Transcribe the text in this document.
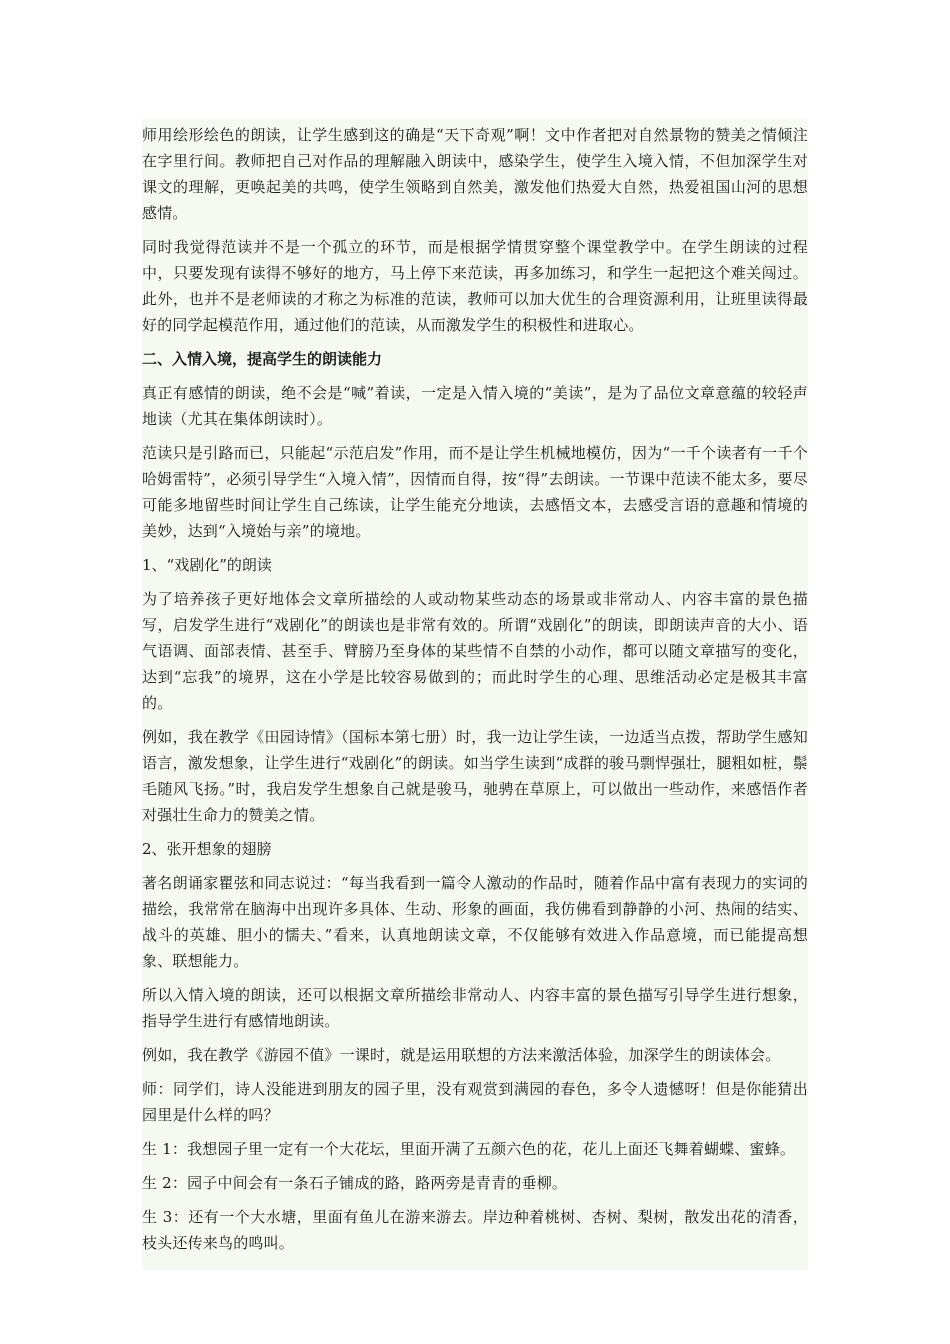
师用绘形绘色的朗读，让学生感到这的确是“天下奇观”啊！文中作者把对自然景物的赞美之情倾注在字里行间。教师把自己对作品的理解融入朗读中，感染学生，使学生入境入情，不但加深学生对课文的理解，更唤起美的共鸣，使学生领略到自然美，激发他们热爱大自然，热爱祖国山河的思想感情。

同时我觉得范读并不是一个孤立的环节，而是根据学情贯穿整个课堂教学中。在学生朗读的过程中，只要发现有读得不够好的地方，马上停下来范读，再多加练习，和学生一起把这个难关闯过。此外，也并不是老师读的才称之为标准的范读，教师可以加大优生的合理资源利用，让班里读得最好的同学起模范作用，通过他们的范读，从而激发学生的积极性和进取心。

二、入情入境，提高学生的朗读能力

真正有感情的朗读，绝不会是“喊”着读，一定是入情入境的“美读”，是为了品位文章意蕴的较轻声地读（尤其在集体朗读时）。

范读只是引路而已，只能起“示范启发”作用，而不是让学生机械地模仿，因为“一千个读者有一千个哈姆雷特”，必须引导学生“入境入情”，因情而自得，按“得”去朗读。一节课中范读不能太多，要尽可能多地留些时间让学生自己练读，让学生能充分地读，去感悟文本，去感受言语的意趣和情境的美妙，达到“入境始与亲”的境地。

1、“戏剧化”的朗读

为了培养孩子更好地体会文章所描绘的人或动物某些动态的场景或非常动人、内容丰富的景色描写，启发学生进行“戏剧化”的朗读也是非常有效的。所谓“戏剧化”的朗读，即朗读声音的大小、语气语调、面部表情、甚至手、臂膀乃至身体的某些情不自禁的小动作，都可以随文章描写的变化，达到“忘我”的境界，这在小学是比较容易做到的；而此时学生的心理、思维活动必定是极其丰富的。

例如，我在教学《田园诗情》（国标本第七册）时，我一边让学生读，一边适当点拨，帮助学生感知语言，激发想象，让学生进行“戏剧化”的朗读。如当学生读到“成群的骏马剽悍强壮，腿粗如桩，鬃毛随风飞扬。”时，我启发学生想象自己就是骏马，驰骋在草原上，可以做出一些动作，来感悟作者对强壮生命力的赞美之情。

2、张开想象的翅膀

著名朗诵家瞿弦和同志说过：“每当我看到一篇令人激动的作品时，随着作品中富有表现力的实词的描绘，我常常在脑海中出现许多具体、生动、形象的画面，我仿佛看到静静的小河、热闹的结实、战斗的英雄、胆小的懦夫、”看来，认真地朗读文章，不仅能够有效进入作品意境，而已能提高想象、联想能力。

所以入情入境的朗读，还可以根据文章所描绘非常动人、内容丰富的景色描写引导学生进行想象，指导学生进行有感情地朗读。

例如，我在教学《游园不值》一课时，就是运用联想的方法来激活体验，加深学生的朗读体会。

师：同学们，诗人没能进到朋友的园子里，没有观赏到满园的春色，多令人遗憾呀！但是你能猜出园里是什么样的吗？

生 1：我想园子里一定有一个大花坛，里面开满了五颜六色的花，花儿上面还飞舞着蝴蝶、蜜蜂。

生 2：园子中间会有一条石子铺成的路，路两旁是青青的垂柳。

生 3：还有一个大水塘，里面有鱼儿在游来游去。岸边种着桃树、杏树、梨树，散发出花的清香，枝头还传来鸟的鸣叫。
